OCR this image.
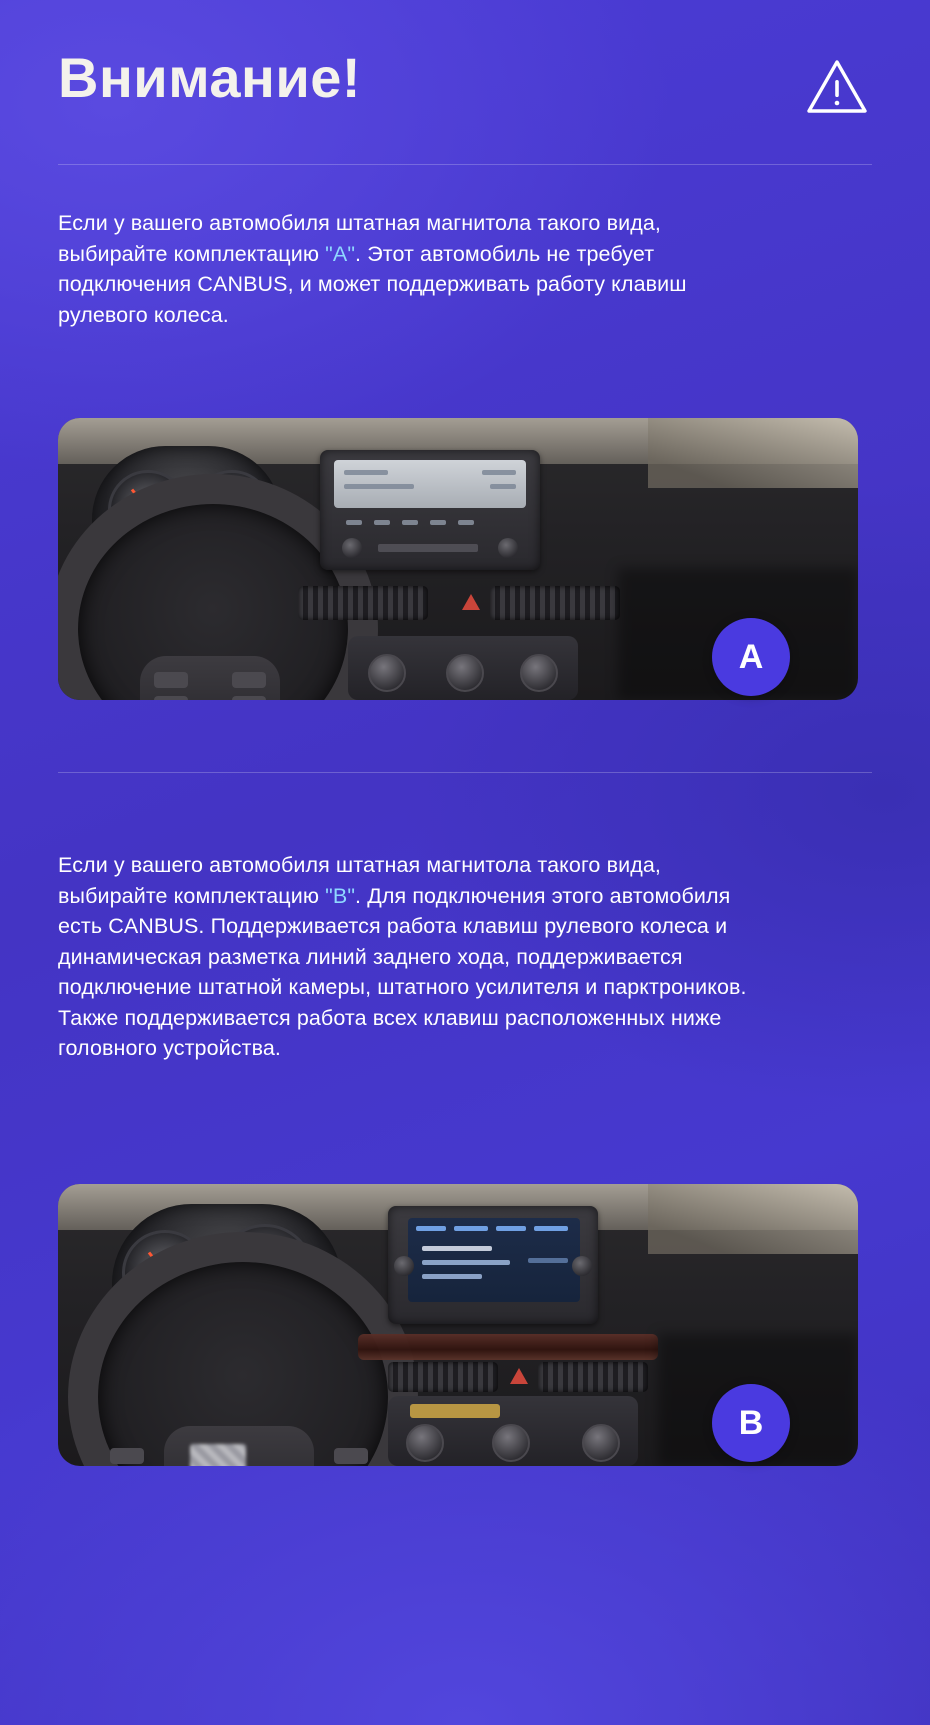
Внимание!
Если у вашего автомобиля штатная магнитола такого вида, выбирайте комплектацию "A". Этот автомобиль не требует подключения CANBUS, и может поддерживать работу клавиш рулевого колеса.
A
Если у вашего автомобиля штатная магнитола такого вида, выбирайте комплектацию "B". Для подключения этого автомобиля есть CANBUS. Поддерживается работа клавиш рулевого колеса и динамическая разметка линий заднего хода, поддерживается подключение штатной камеры, штатного усилителя и парктроников. Также поддерживается работа всех клавиш расположенных ниже головного устройства.
B
